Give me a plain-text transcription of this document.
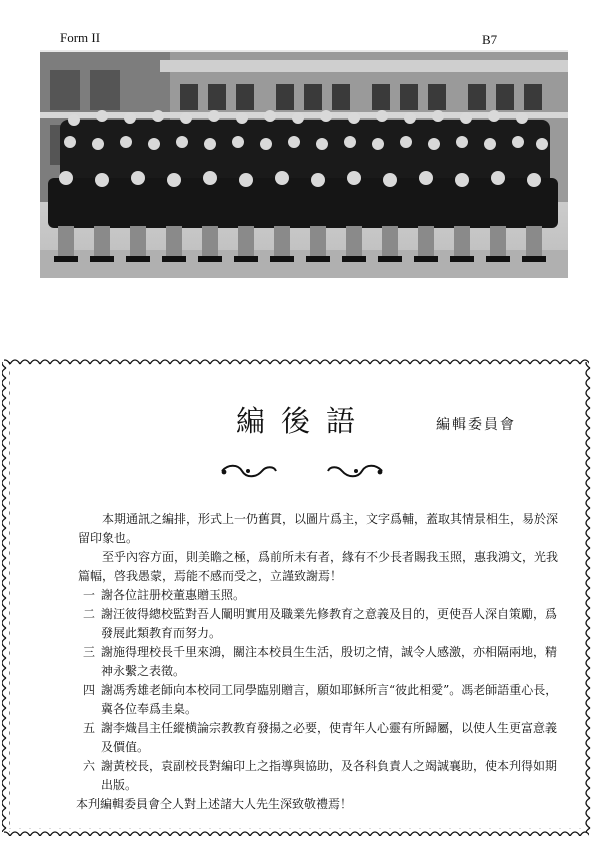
Form II	B7
編後語	編輯委員會

本期通訊之編排，形式上一仍舊貫，以圖片爲主，文字爲輔，蓋取其情景相生，易於深留印象也。

至乎內容方面，則美瞻之極，爲前所未有者，緣有不少長者賜我玉照，惠我鴻文，光我篇幅，啓我愚蒙，焉能不感而受之，立謹致謝焉！

一 謝各位註册校董惠贈玉照。
二 謝汪彼得總校監對吾人闡明實用及職業先修教育之意義及目的，更使吾人深自策勵，爲發展此類教育而努力。
三 謝施得理校長千里來鴻，關注本校員生生活，殷切之情，誠令人感激，亦相隔兩地，精神永繫之表徵。
四 謝馮秀雄老師向本校同工同學臨别贈言，願如耶穌所言“彼此相愛”。馮老師語重心長，冀各位奉爲圭臬。
五 謝李熾昌主任縱横論宗教教育發揚之必要，使青年人心靈有所歸屬，以使人生更富意義及價值。
六 謝黃校長，袁副校長對編印上之指導與協助，及各科負責人之竭誠襄助，使本刋得如期出版。

本刋編輯委員會仝人對上述諸大人先生深致敬禮焉！
